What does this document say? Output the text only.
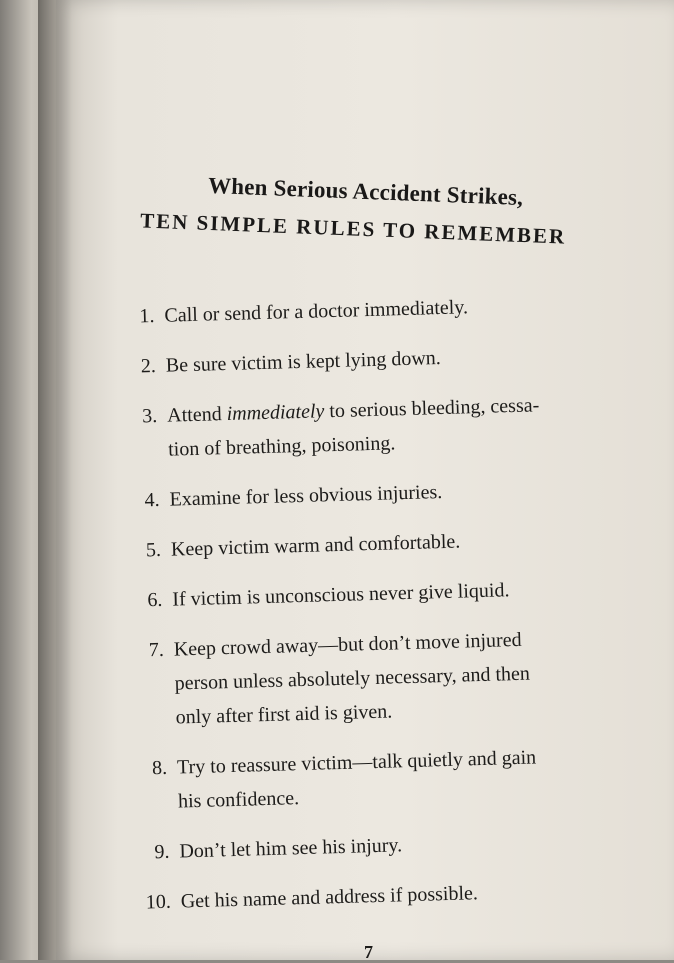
When Serious Accident Strikes,
TEN SIMPLE RULES TO REMEMBER
1. Call or send for a doctor immediately.
2. Be sure victim is kept lying down.
3. Attend immediately to serious bleeding, cessa-
tion of breathing, poisoning.
4. Examine for less obvious injuries.
5. Keep victim warm and comfortable.
6. If victim is unconscious never give liquid.
7. Keep crowd away—but don’t move injured
person unless absolutely necessary, and then
only after first aid is given.
8. Try to reassure victim—talk quietly and gain
his confidence.
9. Don’t let him see his injury.
10. Get his name and address if possible.
7
